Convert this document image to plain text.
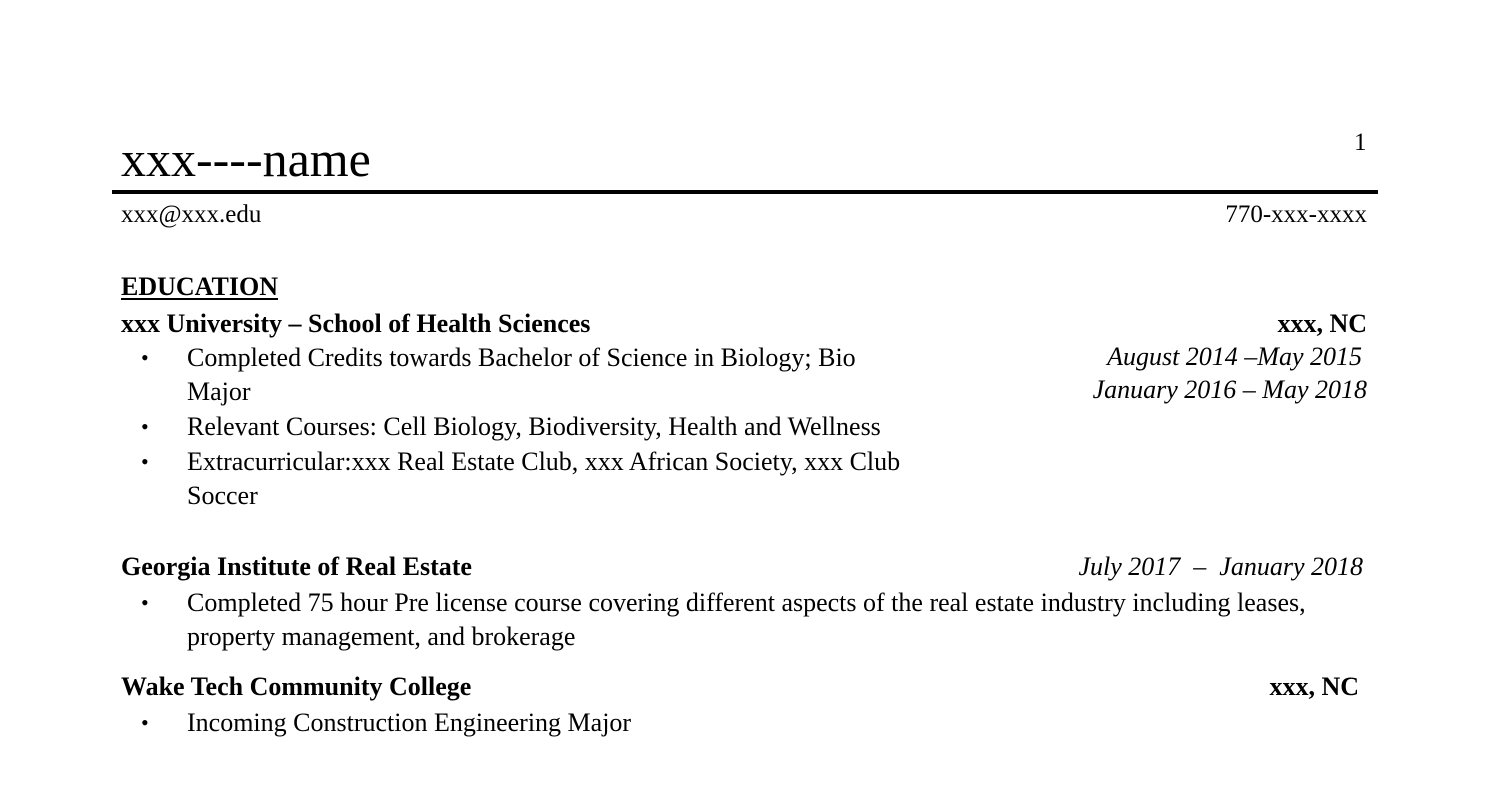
xxx----name	1
xxx@xxx.edu	770-xxx-xxxx
EDUCATION
xxx University – School of Health Sciences	xxx, NC
August 2014 –May 2015
January 2016 – May 2018
•
Completed Credits towards Bachelor of Science in Biology; Bio
Major
•
Relevant Courses: Cell Biology, Biodiversity, Health and Wellness
•
Extracurricular:xxx Real Estate Club, xxx African Society, xxx Club
Soccer
Georgia Institute of Real Estate	July 2017  –  January 2018
•
Completed 75 hour Pre license course covering different aspects of the real estate industry including leases,
property management, and brokerage
Wake Tech Community College	xxx, NC
•
Incoming Construction Engineering Major
